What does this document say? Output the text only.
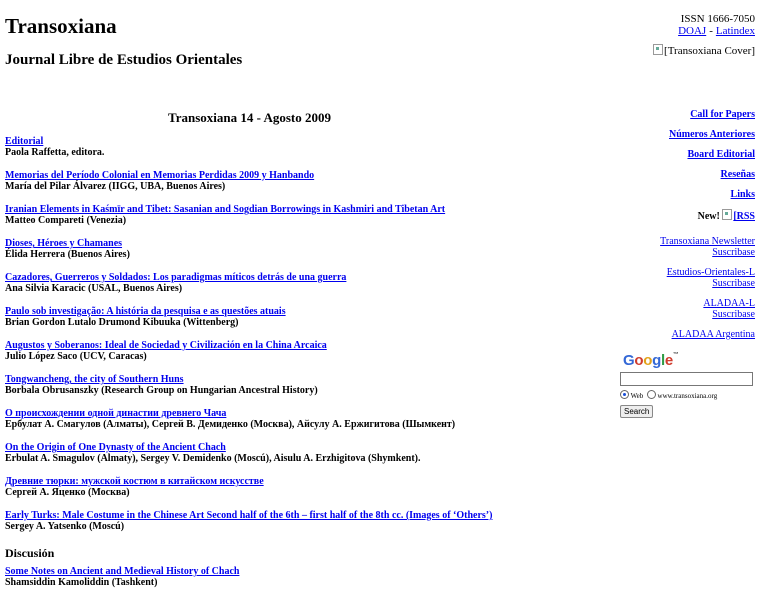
Transoxiana
Journal Libre de Estudios Orientales
ISSN 1666-7050
DOAJ - Latindex
[Transoxiana Cover]
Transoxiana 14 - Agosto 2009
Editorial
Paola Raffetta, editora.
Memorias del Período Colonial en Memorias Perdidas 2009 y Hanbando
María del Pilar Álvarez (IIGG, UBA, Buenos Aires)
Iranian Elements in Kaśmīr and Tibet: Sasanian and Sogdian Borrowings in Kashmiri and Tibetan Art
Matteo Compareti (Venezia)
Dioses, Héroes y Chamanes
Élida Herrera (Buenos Aires)
Cazadores, Guerreros y Soldados: Los paradigmas míticos detrás de una guerra
Ana Silvia Karacic (USAL, Buenos Aires)
Paulo sob investigação: A história da pesquisa e as questões atuais
Brian Gordon Lutalo Drumond Kibuuka (Wittenberg)
Augustos y Soberanos: Ideal de Sociedad y Civilización en la China Arcaica
Julio López Saco (UCV, Caracas)
Tongwancheng, the city of Southern Huns
Borbala Obrusanszky (Research Group on Hungarian Ancestral History)
О происхождении одной династии древнего Чача
Ербулат А. Смагулов (Алматы), Сергей В. Демиденко (Москва), Айсулу А. Ержигитова (Шымкент)
On the Origin of One Dynasty of the Ancient Chach
Erbulat A. Smagulov (Almaty), Sergey V. Demidenko (Moscú), Aisulu A. Erzhigitova (Shymkent).
Древние тюрки: мужской костюм в китайском искусстве
Сергей А. Яценко (Москва)
Early Turks: Male Costume in the Chinese Art Second half of the 6th – first half of the 8th cc. (Images of ‘Others’)
Sergey A. Yatsenko (Moscú)
Discusión
Some Notes on Ancient and Medieval History of Chach
Shamsiddin Kamoliddin (Tashkent)
Call for Papers
Números Anteriores
Board Editorial
Reseñas
Links
New! [RSS
Transoxiana Newsletter
Suscribase
Estudios-Orientales-L
Suscribase
ALADAA-L
Suscribase
ALADAA Argentina
Google™
Web www.transoxiana.org
Search
